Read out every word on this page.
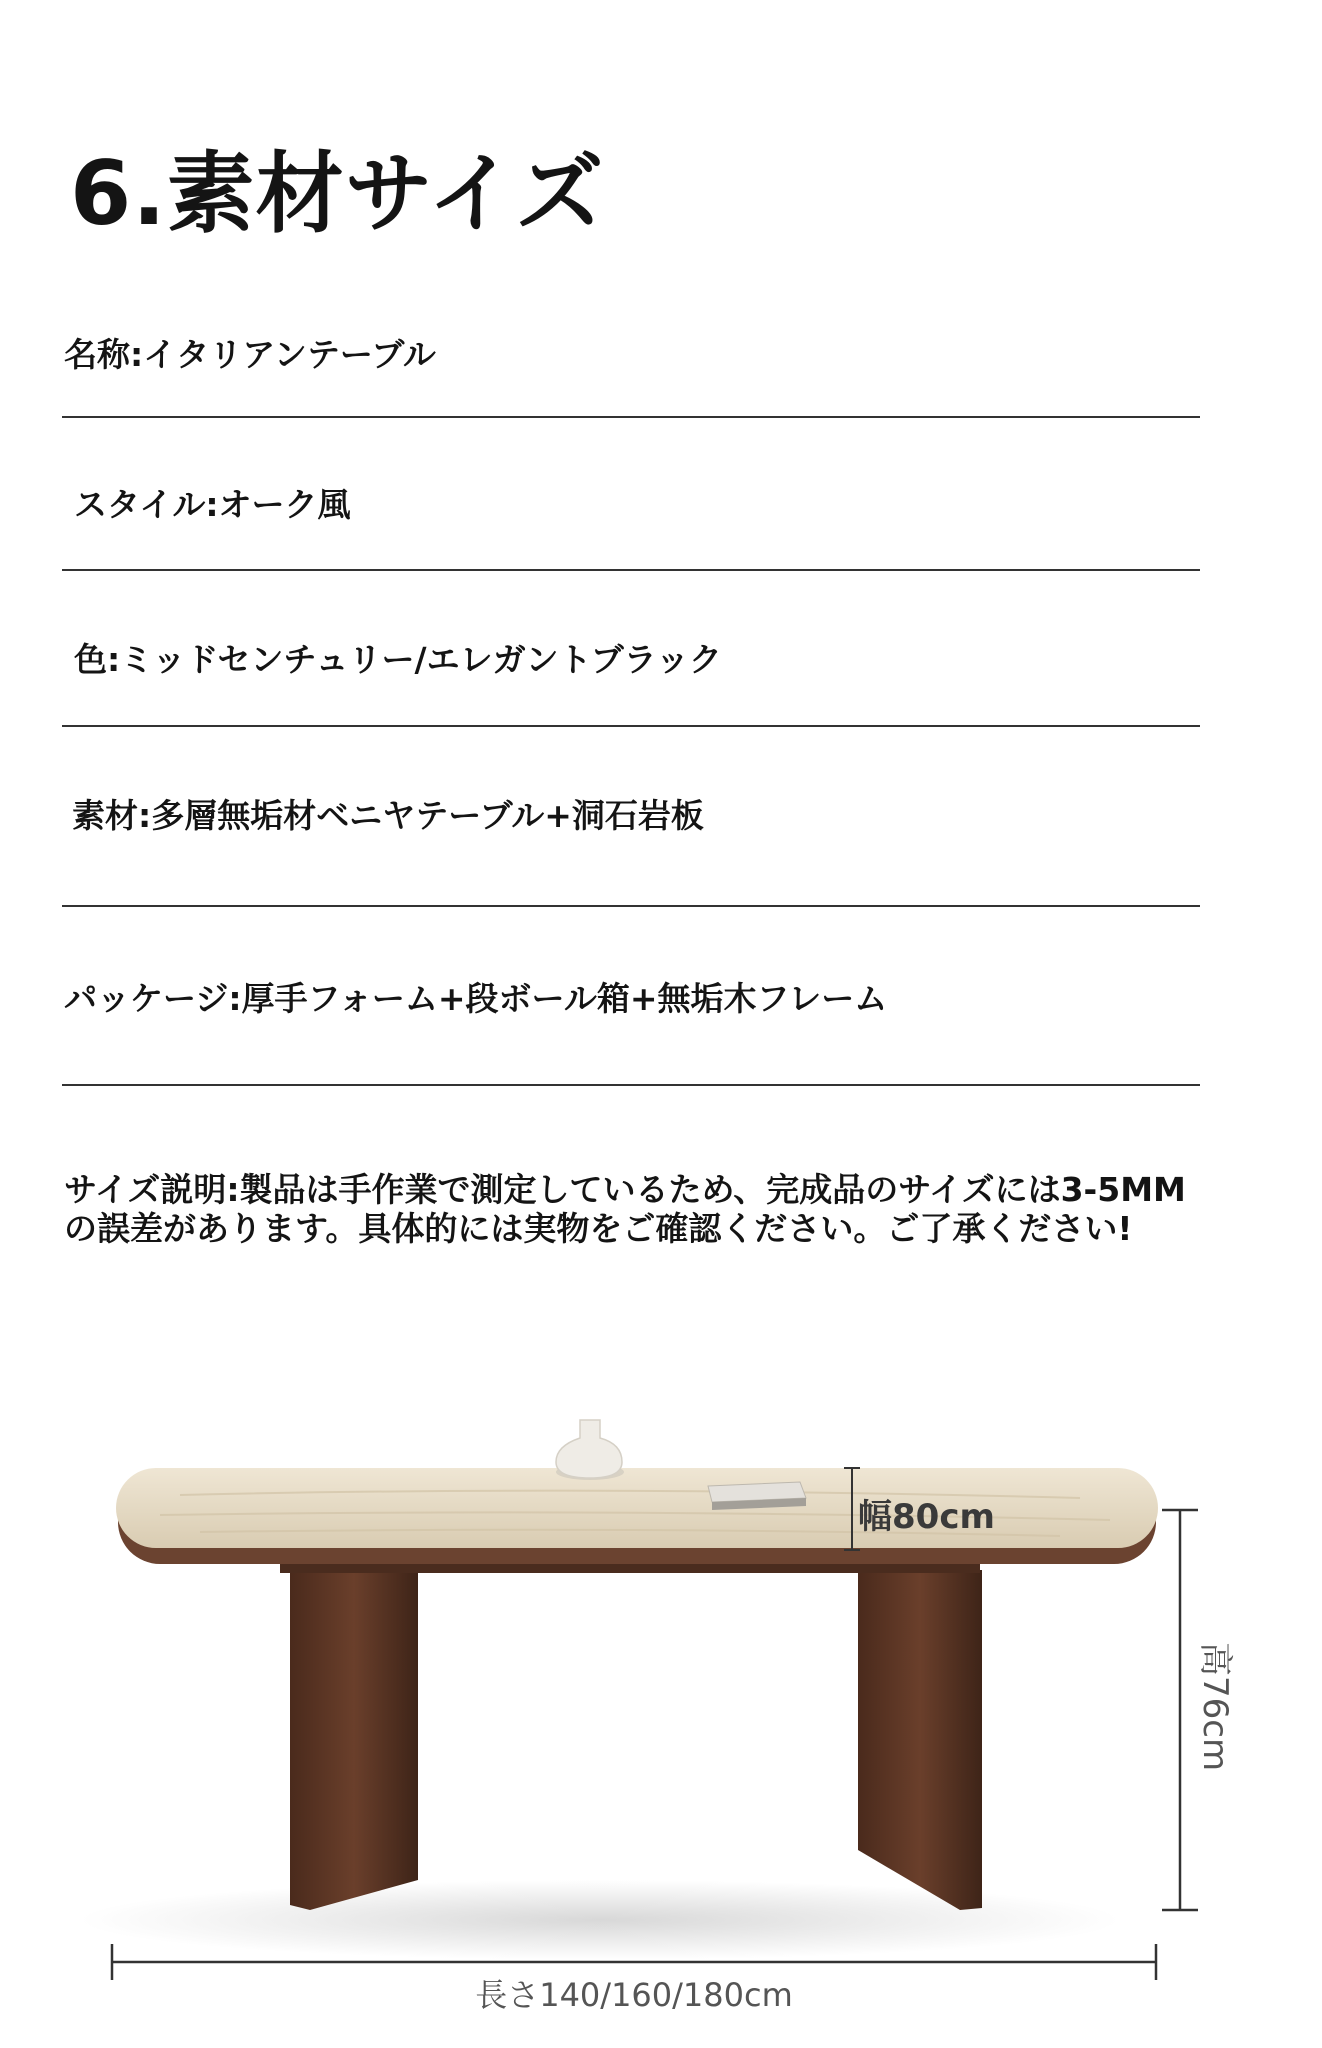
6.素材サイズ
名称:イタリアンテーブル
スタイル:オーク風
色:ミッドセンチュリー/エレガントブラック
素材:多層無垢材ベニヤテーブル+洞石岩板
パッケージ:厚手フォーム+段ボール箱+無垢木フレーム

サイズ説明:製品は手作業で測定しているため、完成品のサイズには3-5MMの誤差があります。具体的には実物をご確認ください。ご了承ください!

幅80cm
高76cm
長さ140/160/180cm
